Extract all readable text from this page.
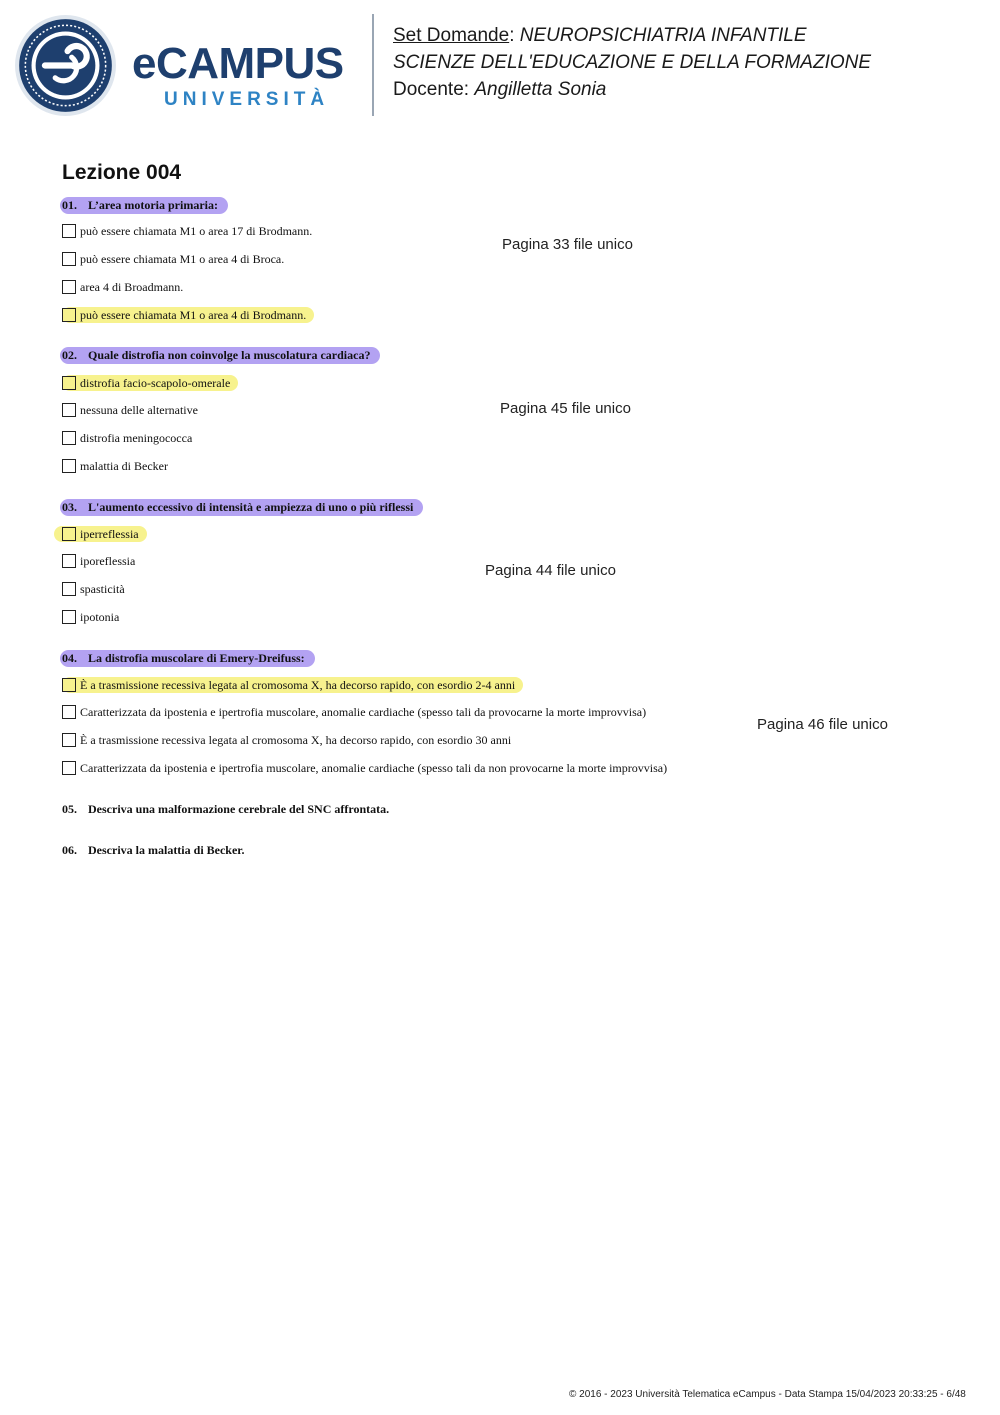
eCAMPUS
UNIVERSITÀ
Set Domande: NEUROPSICHIATRIA INFANTILE
SCIENZE DELL'EDUCAZIONE E DELLA FORMAZIONE
Docente: Angilletta Sonia
Lezione 004
01. L’area motoria primaria:
può essere chiamata M1 o area 17 di Brodmann.
può essere chiamata M1 o area 4 di Broca.
area 4 di Broadmann.
può essere chiamata M1 o area 4 di Brodmann.
Pagina 33 file unico
02. Quale distrofia non coinvolge la muscolatura cardiaca?
distrofia facio-scapolo-omerale
nessuna delle alternative
distrofia meningococca
malattia di Becker
Pagina 45 file unico
03. L'aumento eccessivo di intensità e ampiezza di uno o più riflessi
iperreflessia
iporeflessia
spasticità
ipotonia
Pagina 44 file unico
04. La distrofia muscolare di Emery-Dreifuss:
È a trasmissione recessiva legata al cromosoma X, ha decorso rapido, con esordio 2-4 anni
Caratterizzata da ipostenia e ipertrofia muscolare, anomalie cardiache (spesso tali da provocarne la morte improvvisa)
È a trasmissione recessiva legata al cromosoma X, ha decorso rapido, con esordio 30 anni
Caratterizzata da ipostenia e ipertrofia muscolare, anomalie cardiache (spesso tali da non provocarne la morte improvvisa)
Pagina 46 file unico
05. Descriva una malformazione cerebrale del SNC affrontata.
06. Descriva la malattia di Becker.
© 2016 - 2023 Università Telematica eCampus - Data Stampa 15/04/2023 20:33:25 - 6/48
